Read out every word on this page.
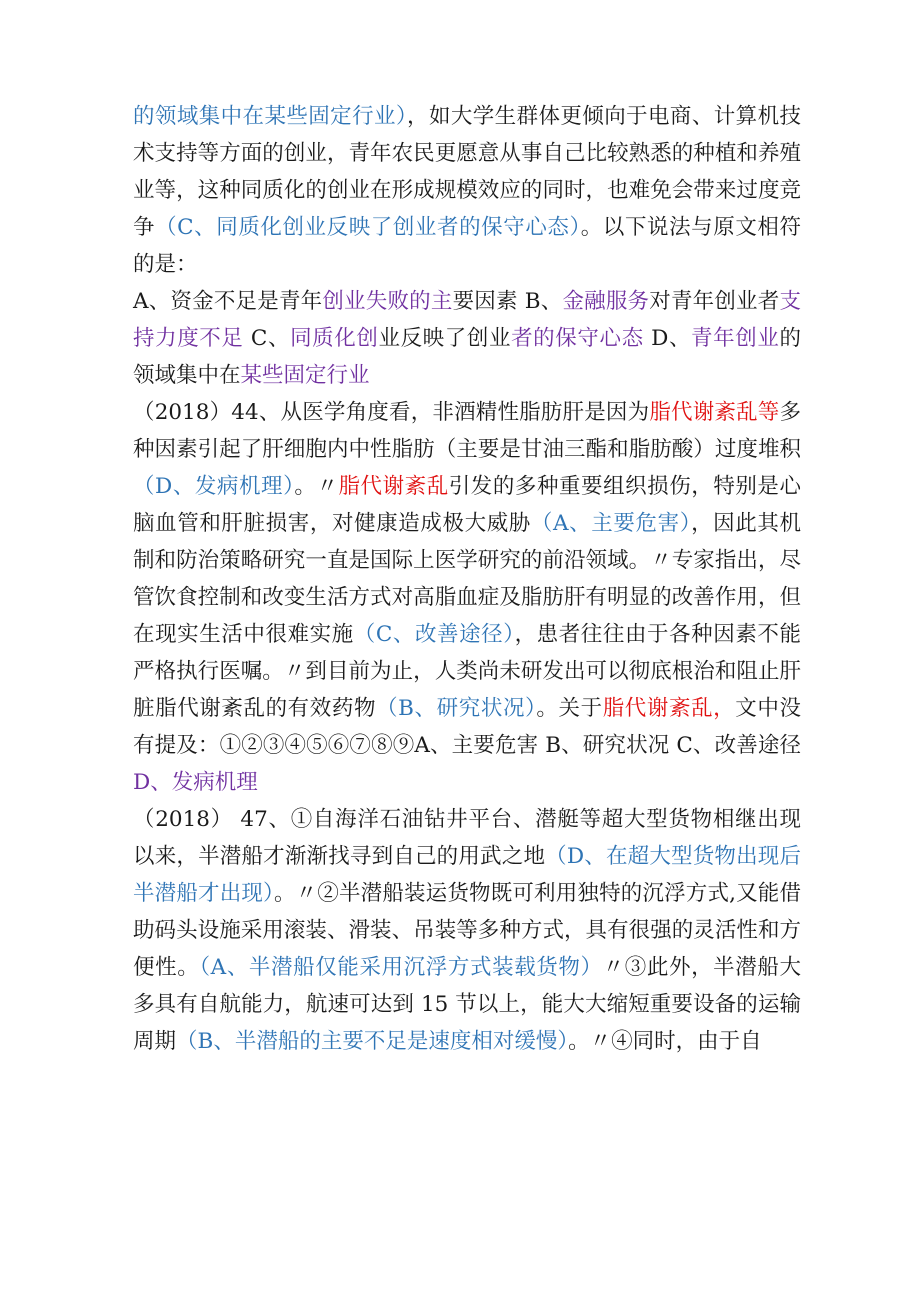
的领域集中在某些固定行业），如大学生群体更倾向于电商、计算机技术支持等方面的创业，青年农民更愿意从事自己比较熟悉的种植和养殖业等，这种同质化的创业在形成规模效应的同时，也难免会带来过度竞争（C、同质化创业反映了创业者的保守心态）。以下说法与原文相符的是：

A、资金不足是青年创业失败的主要因素 B、金融服务对青年创业者支持力度不足 C、同质化创业反映了创业者的保守心态 D、青年创业的领域集中在某些固定行业

（2018）44、从医学角度看，非酒精性脂肪肝是因为脂代谢紊乱等多种因素引起了肝细胞内中性脂肪（主要是甘油三酯和脂肪酸）过度堆积（D、发病机理）。〃脂代谢紊乱引发的多种重要组织损伤，特别是心脑血管和肝脏损害，对健康造成极大威胁（A、主要危害），因此其机制和防治策略研究一直是国际上医学研究的前沿领域。〃专家指出，尽管饮食控制和改变生活方式对高脂血症及脂肪肝有明显的改善作用，但在现实生活中很难实施（C、改善途径），患者往往由于各种因素不能严格执行医嘱。〃到目前为止，人类尚未研发出可以彻底根治和阻止肝脏脂代谢紊乱的有效药物（B、研究状况）。关于脂代谢紊乱，文中没有提及：①②③④⑤⑥⑦⑧⑨A、主要危害 B、研究状况 C、改善途径 D、发病机理

（2018） 47、①自海洋石油钻井平台、潜艇等超大型货物相继出现以来，半潜船才渐渐找寻到自己的用武之地（D、在超大型货物出现后半潜船才出现）。〃②半潜船装运货物既可利用独特的沉浮方式,又能借助码头设施采用滚装、滑装、吊装等多种方式，具有很强的灵活性和方便性。（A、半潜船仅能采用沉浮方式装载货物）〃③此外，半潜船大多具有自航能力，航速可达到 15 节以上，能大大缩短重要设备的运输周期（B、半潜船的主要不足是速度相对缓慢）。〃④同时，由于自
